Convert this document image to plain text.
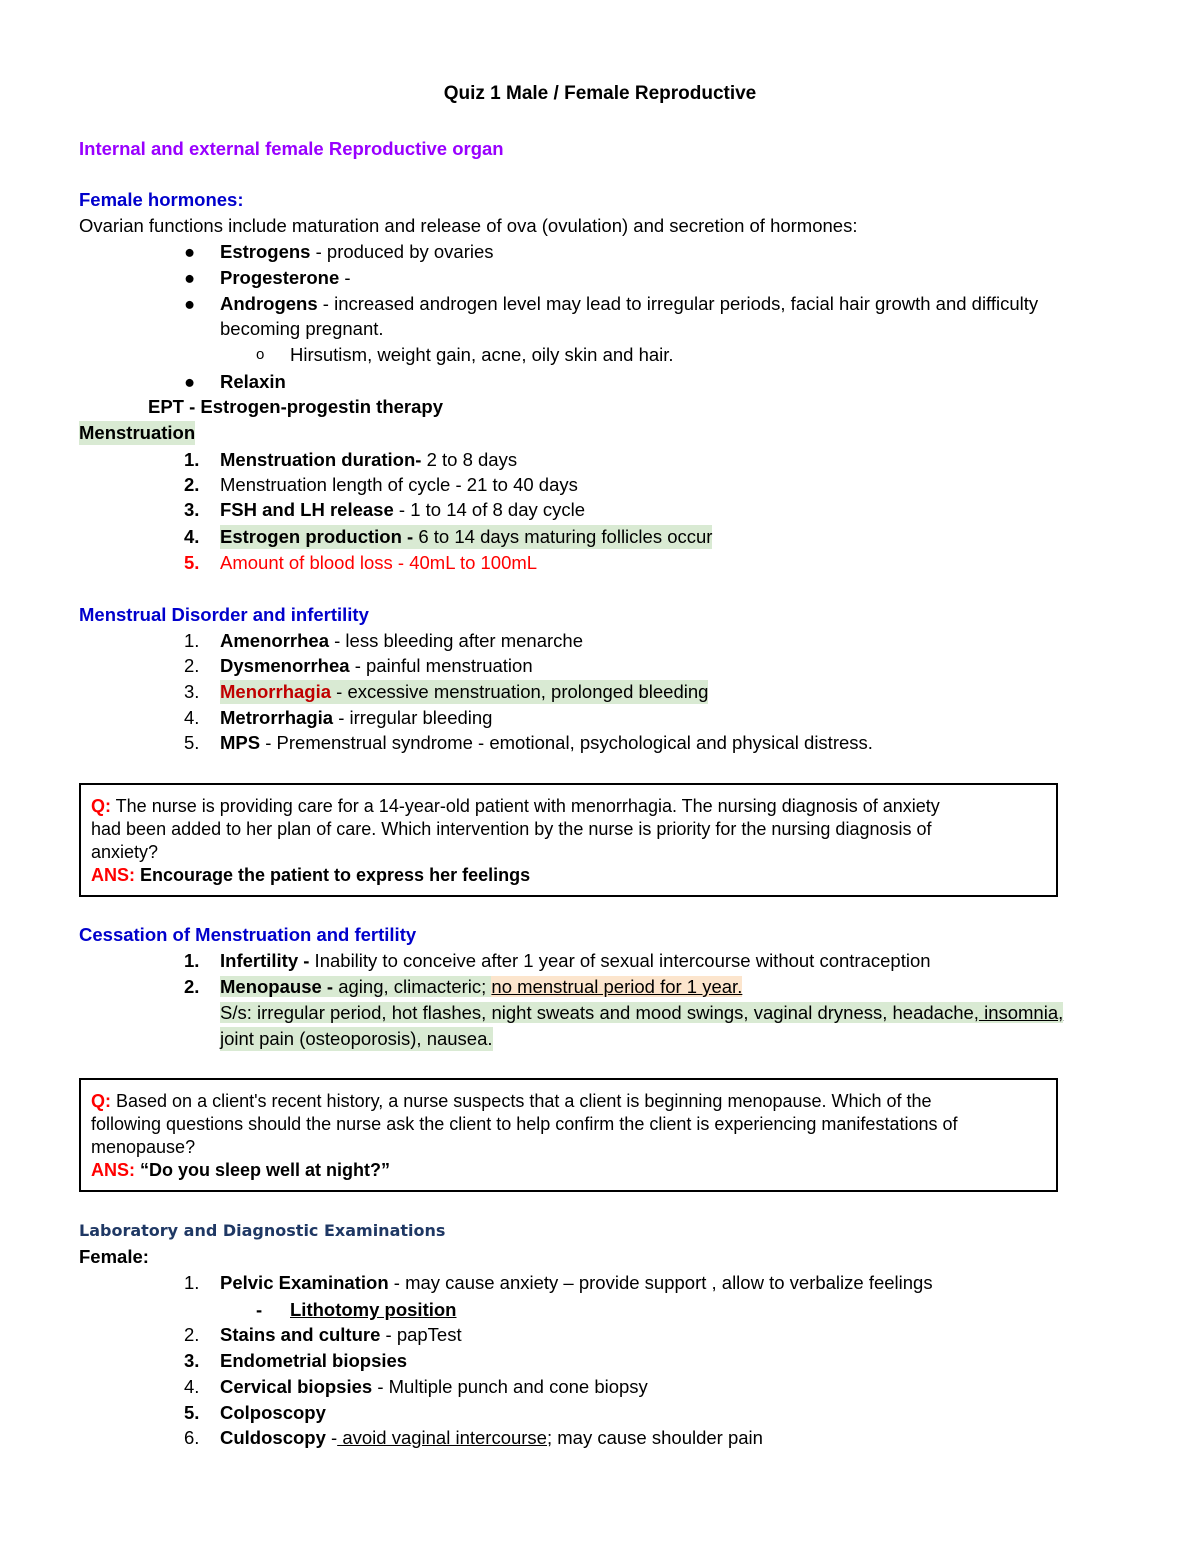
Quiz 1 Male / Female Reproductive
Internal and external female Reproductive organ
Female hormones:
Ovarian functions include maturation and release of ova (ovulation) and secretion of hormones:
● Estrogens - produced by ovaries
● Progesterone -
● Androgens - increased androgen level may lead to irregular periods, facial hair growth and difficulty
becoming pregnant.
o Hirsutism, weight gain, acne, oily skin and hair.
● Relaxin
EPT - Estrogen-progestin therapy
Menstruation
1. Menstruation duration- 2 to 8 days
2. Menstruation length of cycle - 21 to 40 days
3. FSH and LH release - 1 to 14 of 8 day cycle
4. Estrogen production - 6 to 14 days maturing follicles occur
5. Amount of blood loss - 40mL to 100mL
Menstrual Disorder and infertility
1. Amenorrhea - less bleeding after menarche
2. Dysmenorrhea - painful menstruation
3. Menorrhagia - excessive menstruation, prolonged bleeding
4. Metrorrhagia - irregular bleeding
5. MPS - Premenstrual syndrome - emotional, psychological and physical distress.
Q: The nurse is providing care for a 14-year-old patient with menorrhagia. The nursing diagnosis of anxiety
had been added to her plan of care. Which intervention by the nurse is priority for the nursing diagnosis of
anxiety?
ANS: Encourage the patient to express her feelings
Cessation of Menstruation and fertility
1. Infertility - Inability to conceive after 1 year of sexual intercourse without contraception
2. Menopause - aging, climacteric; no menstrual period for 1 year.
S/s: irregular period, hot flashes, night sweats and mood swings, vaginal dryness, headache, insomnia,
joint pain (osteoporosis), nausea.
Q: Based on a client's recent history, a nurse suspects that a client is beginning menopause. Which of the
following questions should the nurse ask the client to help confirm the client is experiencing manifestations of
menopause?
ANS: “Do you sleep well at night?”
Laboratory and Diagnostic Examinations
Female:
1. Pelvic Examination - may cause anxiety – provide support , allow to verbalize feelings
- Lithotomy position
2. Stains and culture - papTest
3. Endometrial biopsies
4. Cervical biopsies - Multiple punch and cone biopsy
5. Colposcopy
6. Culdoscopy - avoid vaginal intercourse; may cause shoulder pain
